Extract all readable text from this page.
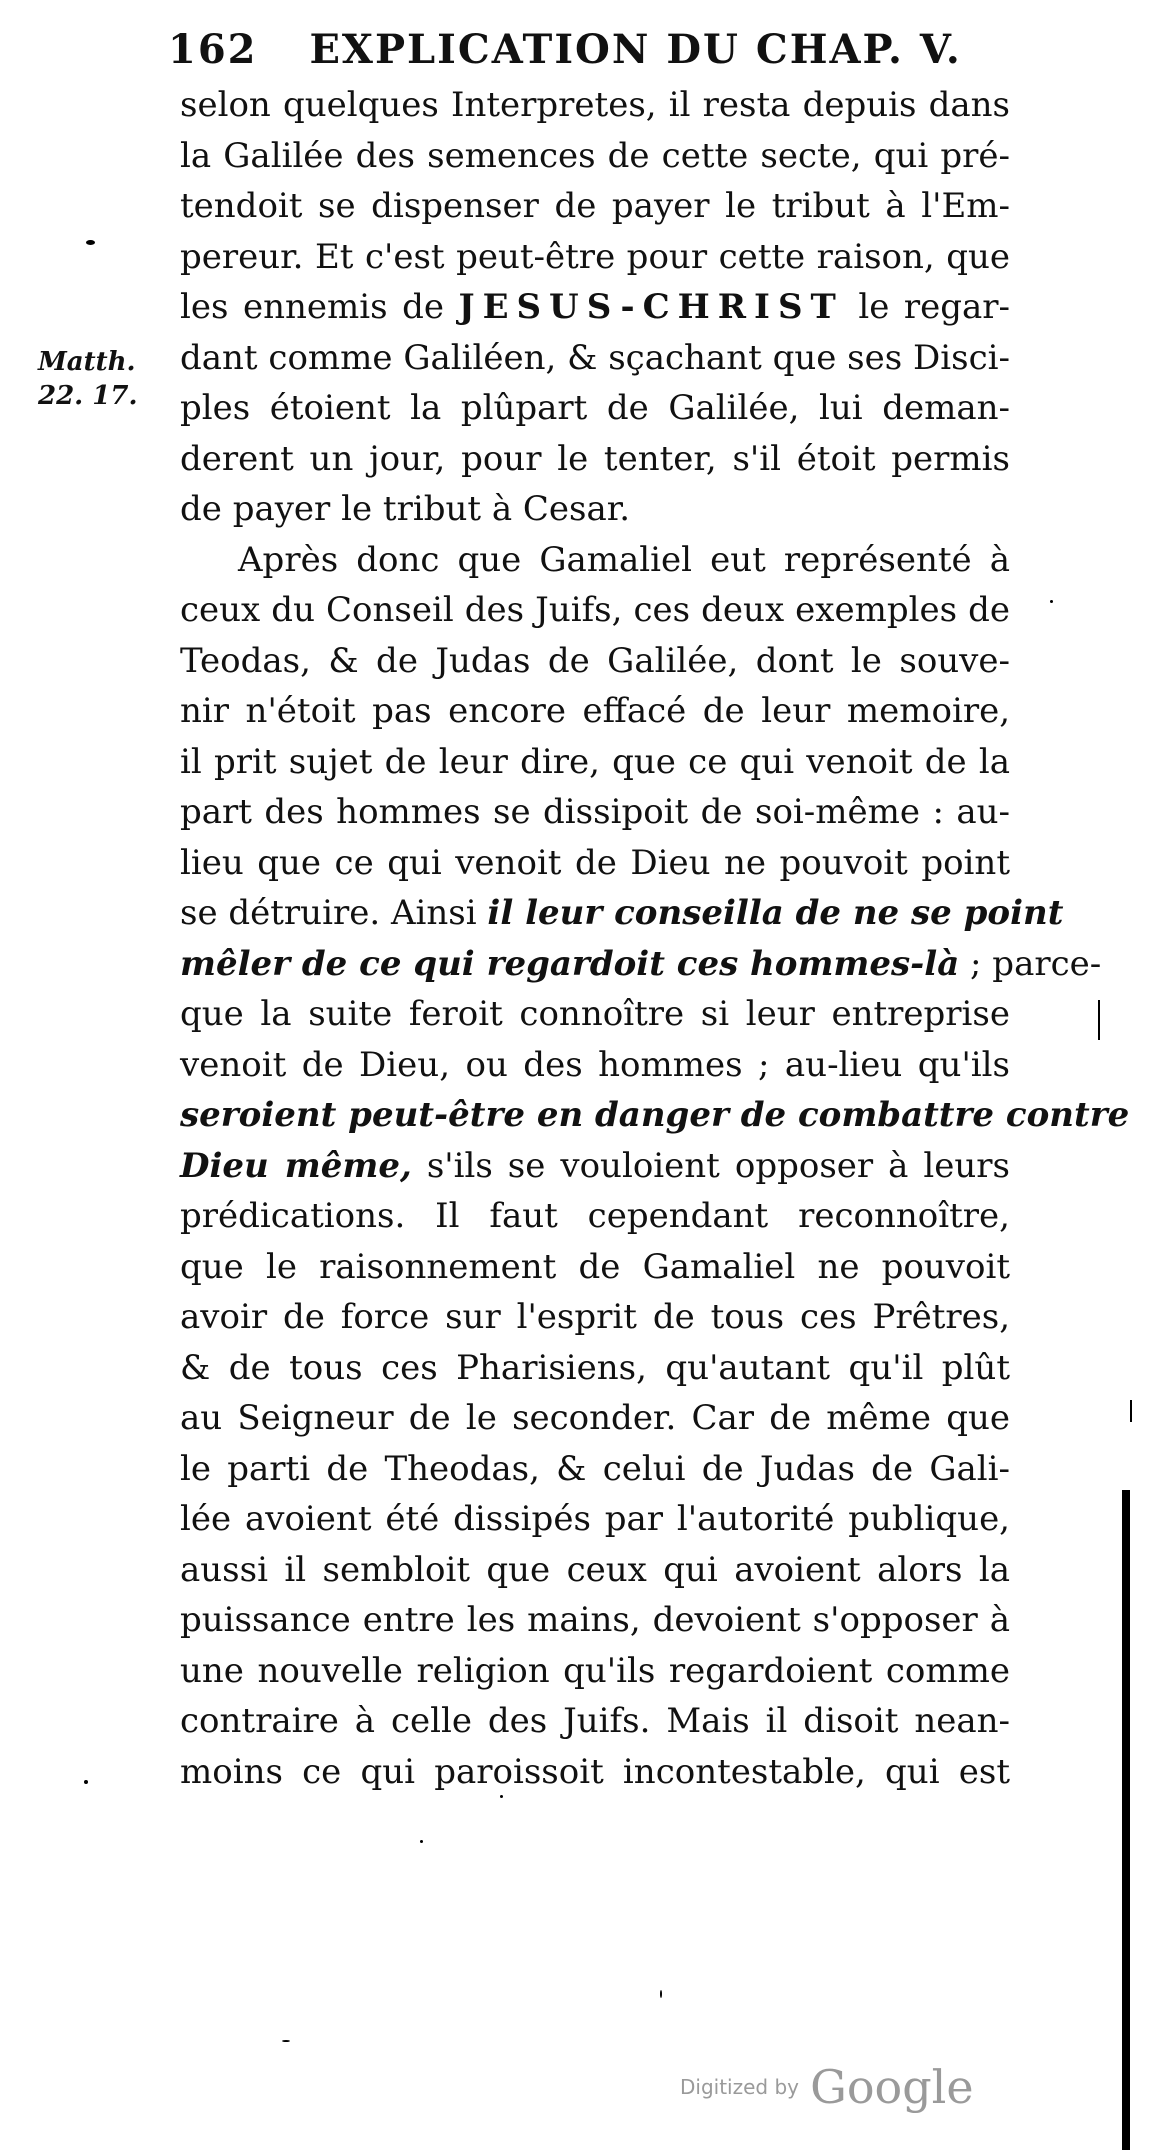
162 EXPLICATION DU CHAP. V.
Matth.
22. 17.
selon quelques Interpretes, il resta depuis dans
la Galilée des semences de cette secte, qui pré-
tendoit se dispenser de payer le tribut à l'Em-
pereur. Et c'est peut-être pour cette raison, que
les ennemis de JESUS-CHRIST le regar-
dant comme Galiléen, & sçachant que ses Disci-
ples étoient la plûpart de Galilée, lui deman-
derent un jour, pour le tenter, s'il étoit permis
de payer le tribut à Cesar.
Après donc que Gamaliel eut représenté à
ceux du Conseil des Juifs, ces deux exemples de
Teodas, & de Judas de Galilée, dont le souve-
nir n'étoit pas encore effacé de leur memoire,
il prit sujet de leur dire, que ce qui venoit de la
part des hommes se dissipoit de soi-même : au-
lieu que ce qui venoit de Dieu ne pouvoit point
se détruire. Ainsi il leur conseilla de ne se point
mêler de ce qui regardoit ces hommes-là ; parce-
que la suite feroit connoître si leur entreprise
venoit de Dieu, ou des hommes ; au-lieu qu'ils
seroient peut-être en danger de combattre contre
Dieu même, s'ils se vouloient opposer à leurs
prédications. Il faut cependant reconnoître,
que le raisonnement de Gamaliel ne pouvoit
avoir de force sur l'esprit de tous ces Prêtres,
& de tous ces Pharisiens, qu'autant qu'il plût
au Seigneur de le seconder. Car de même que
le parti de Theodas, & celui de Judas de Gali-
lée avoient été dissipés par l'autorité publique,
aussi il sembloit que ceux qui avoient alors la
puissance entre les mains, devoient s'opposer à
une nouvelle religion qu'ils regardoient comme
contraire à celle des Juifs. Mais il disoit nean-
moins ce qui paroissoit incontestable, qui est
Digitized by Google
